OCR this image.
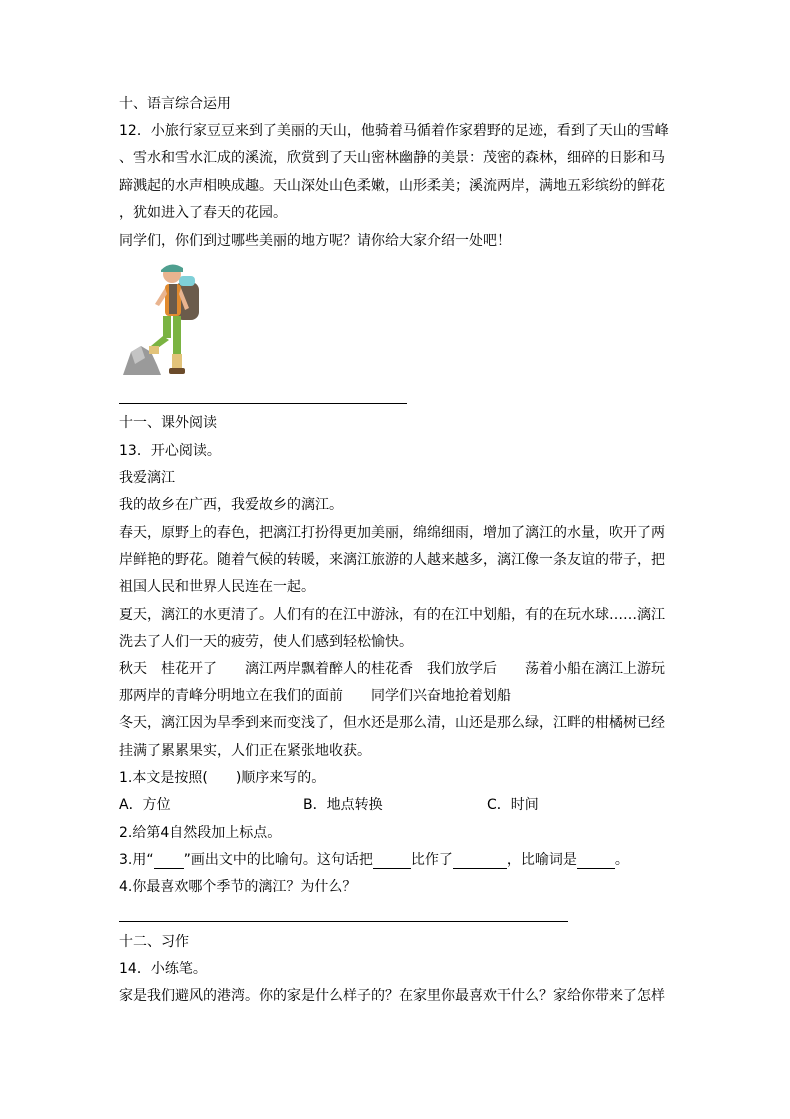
十、语言综合运用
12．小旅行家豆豆来到了美丽的天山，他骑着马循着作家碧野的足迹，看到了天山的雪峰
、雪水和雪水汇成的溪流，欣赏到了天山密林幽静的美景：茂密的森林，细碎的日影和马
蹄溅起的水声相映成趣。天山深处山色柔嫩，山形柔美；溪流两岸，满地五彩缤纷的鲜花
，犹如进入了春天的花园。
同学们，你们到过哪些美丽的地方呢？请你给大家介绍一处吧！
十一、课外阅读
13．开心阅读。
我爱漓江
我的故乡在广西，我爱故乡的漓江。
春天，原野上的春色，把漓江打扮得更加美丽，绵绵细雨，增加了漓江的水量，吹开了两
岸鲜艳的野花。随着气候的转暖，来漓江旅游的人越来越多，漓江像一条友谊的带子，把
祖国人民和世界人民连在一起。
夏天，漓江的水更清了。人们有的在江中游泳，有的在江中划船，有的在玩水球……漓江
洗去了人们一天的疲劳，使人们感到轻松愉快。
秋天　桂花开了　　漓江两岸飘着醉人的桂花香　我们放学后　　荡着小船在漓江上游玩
那两岸的青峰分明地立在我们的面前　　同学们兴奋地抢着划船
冬天，漓江因为旱季到来而变浅了，但水还是那么清，山还是那么绿，江畔的柑橘树已经
挂满了累累果实，人们正在紧张地收获。
1.本文是按照(　　)顺序来写的。
A．方位	B．地点转换	C．时间
2.给第4自然段加上标点。
3.用“ ”画出文中的比喻句。这句话把	比作了	，比喻词是	。
4.你最喜欢哪个季节的漓江？为什么？
十二、习作
14．小练笔。
家是我们避风的港湾。你的家是什么样子的？在家里你最喜欢干什么？家给你带来了怎样
